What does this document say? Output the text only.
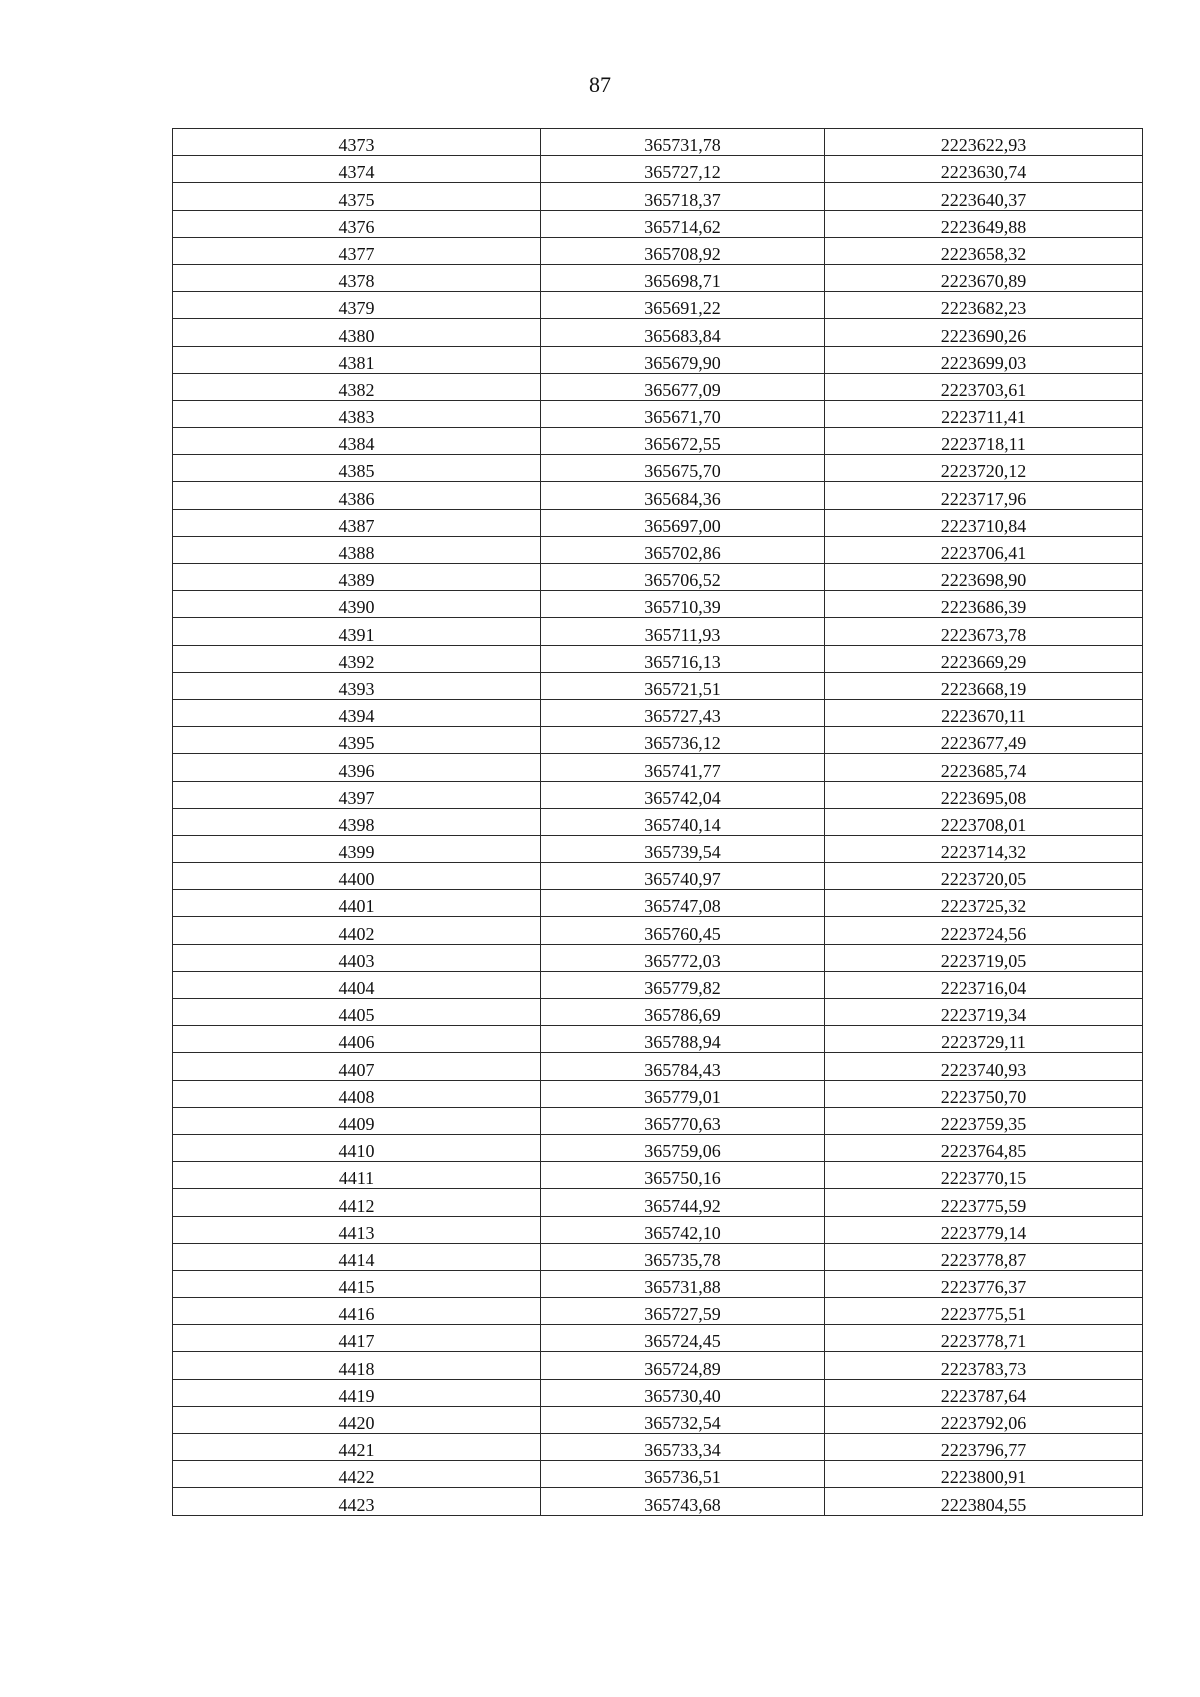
87
4373	365731,78	2223622,93
4374	365727,12	2223630,74
4375	365718,37	2223640,37
4376	365714,62	2223649,88
4377	365708,92	2223658,32
4378	365698,71	2223670,89
4379	365691,22	2223682,23
4380	365683,84	2223690,26
4381	365679,90	2223699,03
4382	365677,09	2223703,61
4383	365671,70	2223711,41
4384	365672,55	2223718,11
4385	365675,70	2223720,12
4386	365684,36	2223717,96
4387	365697,00	2223710,84
4388	365702,86	2223706,41
4389	365706,52	2223698,90
4390	365710,39	2223686,39
4391	365711,93	2223673,78
4392	365716,13	2223669,29
4393	365721,51	2223668,19
4394	365727,43	2223670,11
4395	365736,12	2223677,49
4396	365741,77	2223685,74
4397	365742,04	2223695,08
4398	365740,14	2223708,01
4399	365739,54	2223714,32
4400	365740,97	2223720,05
4401	365747,08	2223725,32
4402	365760,45	2223724,56
4403	365772,03	2223719,05
4404	365779,82	2223716,04
4405	365786,69	2223719,34
4406	365788,94	2223729,11
4407	365784,43	2223740,93
4408	365779,01	2223750,70
4409	365770,63	2223759,35
4410	365759,06	2223764,85
4411	365750,16	2223770,15
4412	365744,92	2223775,59
4413	365742,10	2223779,14
4414	365735,78	2223778,87
4415	365731,88	2223776,37
4416	365727,59	2223775,51
4417	365724,45	2223778,71
4418	365724,89	2223783,73
4419	365730,40	2223787,64
4420	365732,54	2223792,06
4421	365733,34	2223796,77
4422	365736,51	2223800,91
4423	365743,68	2223804,55
